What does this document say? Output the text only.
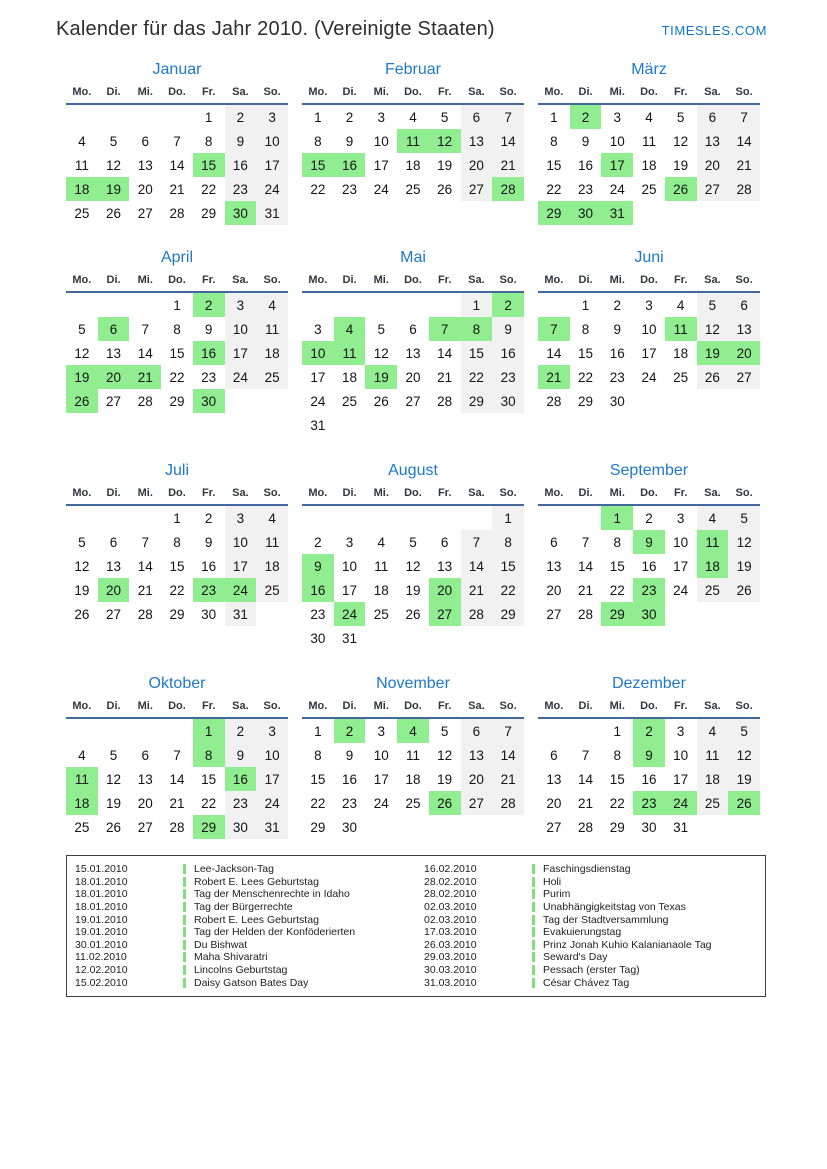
Kalender für das Jahr 2010. (Vereinigte Staaten)	TIMESLES.COM
Januar
Mo.	Di.	Mi.	Do.	Fr.	Sa.	So.
				1	2	3
4	5	6	7	8	9	10
11	12	13	14	15	16	17
18	19	20	21	22	23	24
25	26	27	28	29	30	31
Februar
Mo.	Di.	Mi.	Do.	Fr.	Sa.	So.
1	2	3	4	5	6	7
8	9	10	11	12	13	14
15	16	17	18	19	20	21
22	23	24	25	26	27	28
März
Mo.	Di.	Mi.	Do.	Fr.	Sa.	So.
1	2	3	4	5	6	7
8	9	10	11	12	13	14
15	16	17	18	19	20	21
22	23	24	25	26	27	28
29	30	31				
April
Mo.	Di.	Mi.	Do.	Fr.	Sa.	So.
			1	2	3	4
5	6	7	8	9	10	11
12	13	14	15	16	17	18
19	20	21	22	23	24	25
26	27	28	29	30		
Mai
Mo.	Di.	Mi.	Do.	Fr.	Sa.	So.
					1	2
3	4	5	6	7	8	9
10	11	12	13	14	15	16
17	18	19	20	21	22	23
24	25	26	27	28	29	30
31						
Juni
Mo.	Di.	Mi.	Do.	Fr.	Sa.	So.
	1	2	3	4	5	6
7	8	9	10	11	12	13
14	15	16	17	18	19	20
21	22	23	24	25	26	27
28	29	30				
Juli
Mo.	Di.	Mi.	Do.	Fr.	Sa.	So.
			1	2	3	4
5	6	7	8	9	10	11
12	13	14	15	16	17	18
19	20	21	22	23	24	25
26	27	28	29	30	31	
August
Mo.	Di.	Mi.	Do.	Fr.	Sa.	So.
						1
2	3	4	5	6	7	8
9	10	11	12	13	14	15
16	17	18	19	20	21	22
23	24	25	26	27	28	29
30	31					
September
Mo.	Di.	Mi.	Do.	Fr.	Sa.	So.
		1	2	3	4	5
6	7	8	9	10	11	12
13	14	15	16	17	18	19
20	21	22	23	24	25	26
27	28	29	30			
Oktober
Mo.	Di.	Mi.	Do.	Fr.	Sa.	So.
				1	2	3
4	5	6	7	8	9	10
11	12	13	14	15	16	17
18	19	20	21	22	23	24
25	26	27	28	29	30	31
November
Mo.	Di.	Mi.	Do.	Fr.	Sa.	So.
1	2	3	4	5	6	7
8	9	10	11	12	13	14
15	16	17	18	19	20	21
22	23	24	25	26	27	28
29	30					
Dezember
Mo.	Di.	Mi.	Do.	Fr.	Sa.	So.
		1	2	3	4	5
6	7	8	9	10	11	12
13	14	15	16	17	18	19
20	21	22	23	24	25	26
27	28	29	30	31		
15.01.2010	Lee-Jackson-Tag
18.01.2010	Robert E. Lees Geburtstag
18.01.2010	Tag der Menschenrechte in Idaho
18.01.2010	Tag der Bürgerrechte
19.01.2010	Robert E. Lees Geburtstag
19.01.2010	Tag der Helden der Konföderierten
30.01.2010	Du Bishwat
11.02.2010	Maha Shivaratri
12.02.2010	Lincolns Geburtstag
15.02.2010	Daisy Gatson Bates Day
16.02.2010	Faschingsdienstag
28.02.2010	Holi
28.02.2010	Purim
02.03.2010	Unabhängigkeitstag von Texas
02.03.2010	Tag der Stadtversammlung
17.03.2010	Evakuierungstag
26.03.2010	Prinz Jonah Kuhio Kalanianaole Tag
29.03.2010	Seward's Day
30.03.2010	Pessach (erster Tag)
31.03.2010	César Chávez Tag
